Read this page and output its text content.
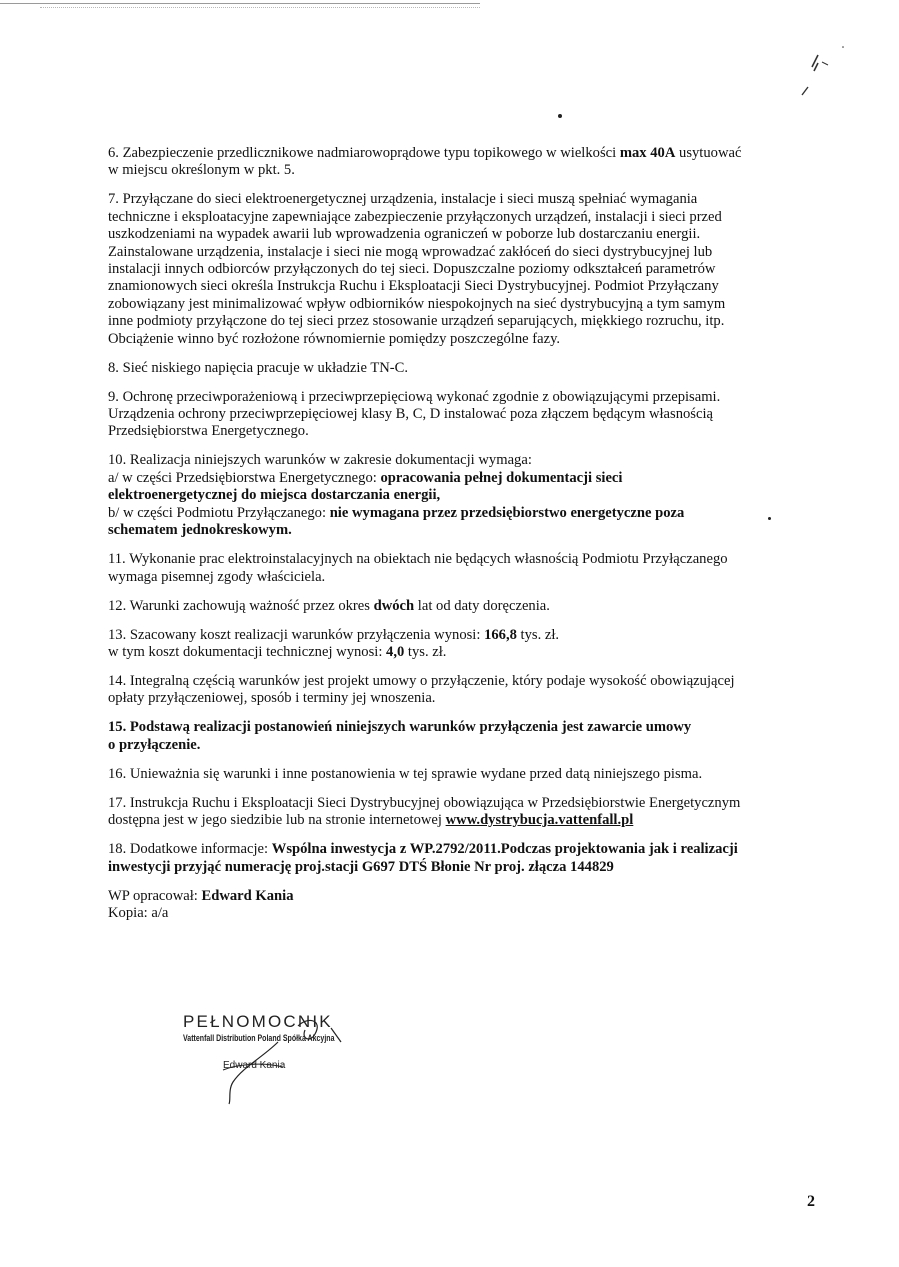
6. Zabezpieczenie przedlicznikowe nadmiarowoprądowe typu topikowego w wielkości max 40A usytuować
w miejscu określonym w pkt. 5.

7. Przyłączane do sieci elektroenergetycznej urządzenia, instalacje i sieci muszą spełniać wymagania
techniczne i eksploatacyjne zapewniające zabezpieczenie przyłączonych urządzeń, instalacji i sieci przed
uszkodzeniami na wypadek awarii lub wprowadzenia ograniczeń w poborze lub dostarczaniu energii.
Zainstalowane urządzenia, instalacje i sieci nie mogą wprowadzać zakłóceń do sieci dystrybucyjnej lub
instalacji innych odbiorców przyłączonych do tej sieci. Dopuszczalne poziomy odkształceń parametrów
znamionowych sieci określa Instrukcja Ruchu i Eksploatacji Sieci Dystrybucyjnej. Podmiot Przyłączany
zobowiązany jest minimalizować wpływ odbiorników niespokojnych na sieć dystrybucyjną a tym samym
inne podmioty przyłączone do tej sieci przez stosowanie urządzeń separujących, miękkiego rozruchu, itp.
Obciążenie winno być rozłożone równomiernie pomiędzy poszczególne fazy.

8. Sieć niskiego napięcia pracuje w układzie TN-C.

9. Ochronę przeciwporażeniową i przeciwprzepięciową wykonać zgodnie z obowiązującymi przepisami.
Urządzenia ochrony przeciwprzepięciowej klasy B, C, D instalować poza złączem będącym własnością
Przedsiębiorstwa Energetycznego.

10. Realizacja niniejszych warunków w zakresie dokumentacji wymaga:
a/ w części Przedsiębiorstwa Energetycznego: opracowania pełnej dokumentacji sieci
elektroenergetycznej do miejsca dostarczania energii,
b/ w części Podmiotu Przyłączanego: nie wymagana przez przedsiębiorstwo energetyczne poza
schematem jednokreskowym.

11. Wykonanie prac elektroinstalacyjnych na obiektach nie będących własnością Podmiotu Przyłączanego
wymaga pisemnej zgody właściciela.

12. Warunki zachowują ważność przez okres dwóch lat od daty doręczenia.

13. Szacowany koszt realizacji warunków przyłączenia wynosi: 166,8 tys. zł.
w tym koszt dokumentacji technicznej wynosi: 4,0 tys. zł.

14. Integralną częścią warunków jest projekt umowy o przyłączenie, który podaje wysokość obowiązującej
opłaty przyłączeniowej, sposób i terminy jej wnoszenia.

15. Podstawą realizacji postanowień niniejszych warunków przyłączenia jest zawarcie umowy
o przyłączenie.

16. Unieważnia się warunki i inne postanowienia w tej sprawie wydane przed datą niniejszego pisma.

17. Instrukcja Ruchu i Eksploatacji Sieci Dystrybucyjnej obowiązująca w Przedsiębiorstwie Energetycznym
dostępna jest w jego siedzibie lub na stronie internetowej www.dystrybucja.vattenfall.pl

18. Dodatkowe informacje: Wspólna inwestycja z WP.2792/2011.Podczas projektowania jak i realizacji
inwestycji przyjąć numerację proj.stacji G697 DTŚ Błonie Nr proj. złącza 144829

WP opracował: Edward Kania
Kopia: a/a

PEŁNOMOCNIK
Vattenfall Distribution Poland Spółka Akcyjna
Edward Kania
2
